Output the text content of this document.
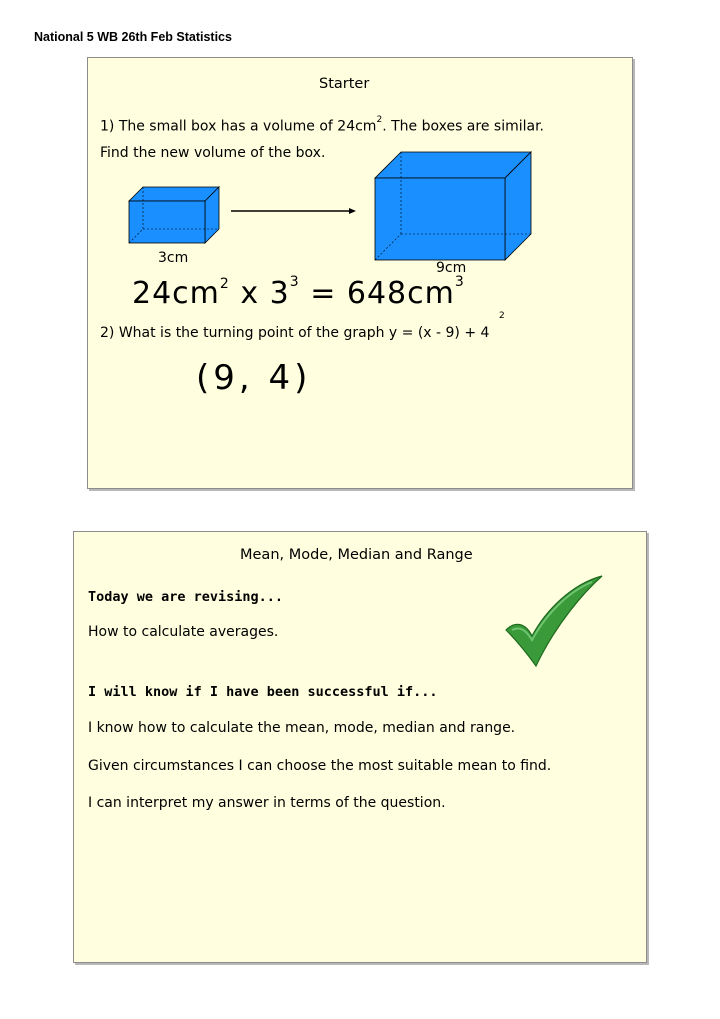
National 5 WB 26th Feb Statistics
Starter
1) The small box has a volume of $24cm^2$. The boxes are similar.
Find the new volume of the box.
3cm
9cm
$24cm^2$ x $3^3 = 648cm^3$
2
2) What is the turning point of the graph y = (x - 9) + 4
(9, 4)
Mean, Mode, Median and Range
Today we are revising...
How to calculate averages.
I will know if I have been successful if...
I know how to calculate the mean, mode, median and range.
Given circumstances I can choose the most suitable mean to find.
I can interpret my answer in terms of the question.
